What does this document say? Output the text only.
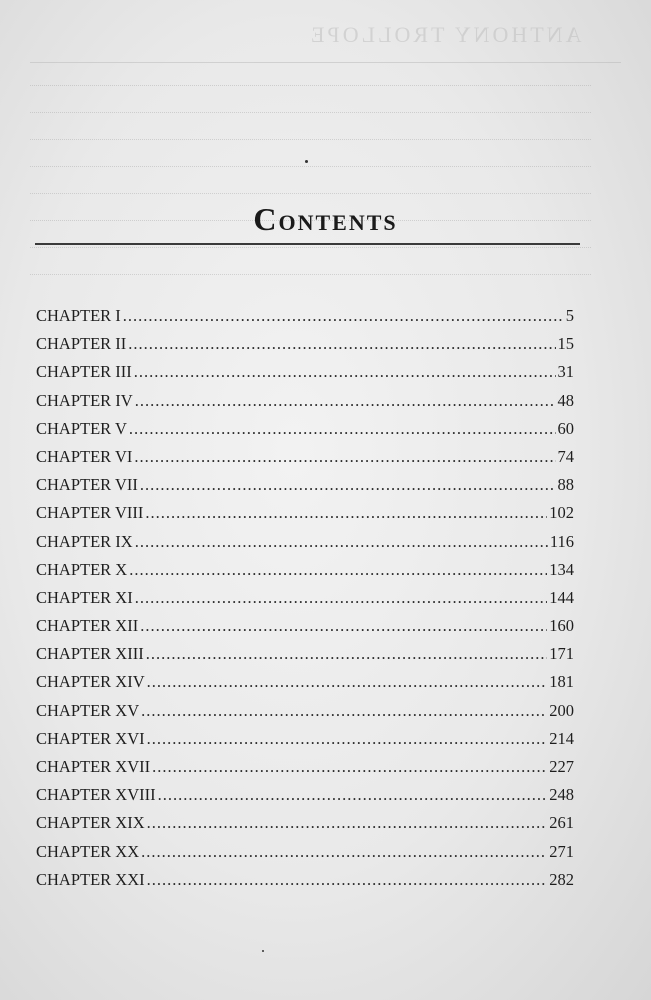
ANTHONY TROLLOPE
Contents
CHAPTER I .....	5
CHAPTER II .....	15
CHAPTER III .....	31
CHAPTER IV .....	48
CHAPTER V .....	60
CHAPTER VI .....	74
CHAPTER VII .....	88
CHAPTER VIII .....	102
CHAPTER IX .....	116
CHAPTER X .....	134
CHAPTER XI .....	144
CHAPTER XII .....	160
CHAPTER XIII .....	171
CHAPTER XIV .....	181
CHAPTER XV .....	200
CHAPTER XVI .....	214
CHAPTER XVII .....	227
CHAPTER XVIII .....	248
CHAPTER XIX .....	261
CHAPTER XX .....	271
CHAPTER XXI .....	282
